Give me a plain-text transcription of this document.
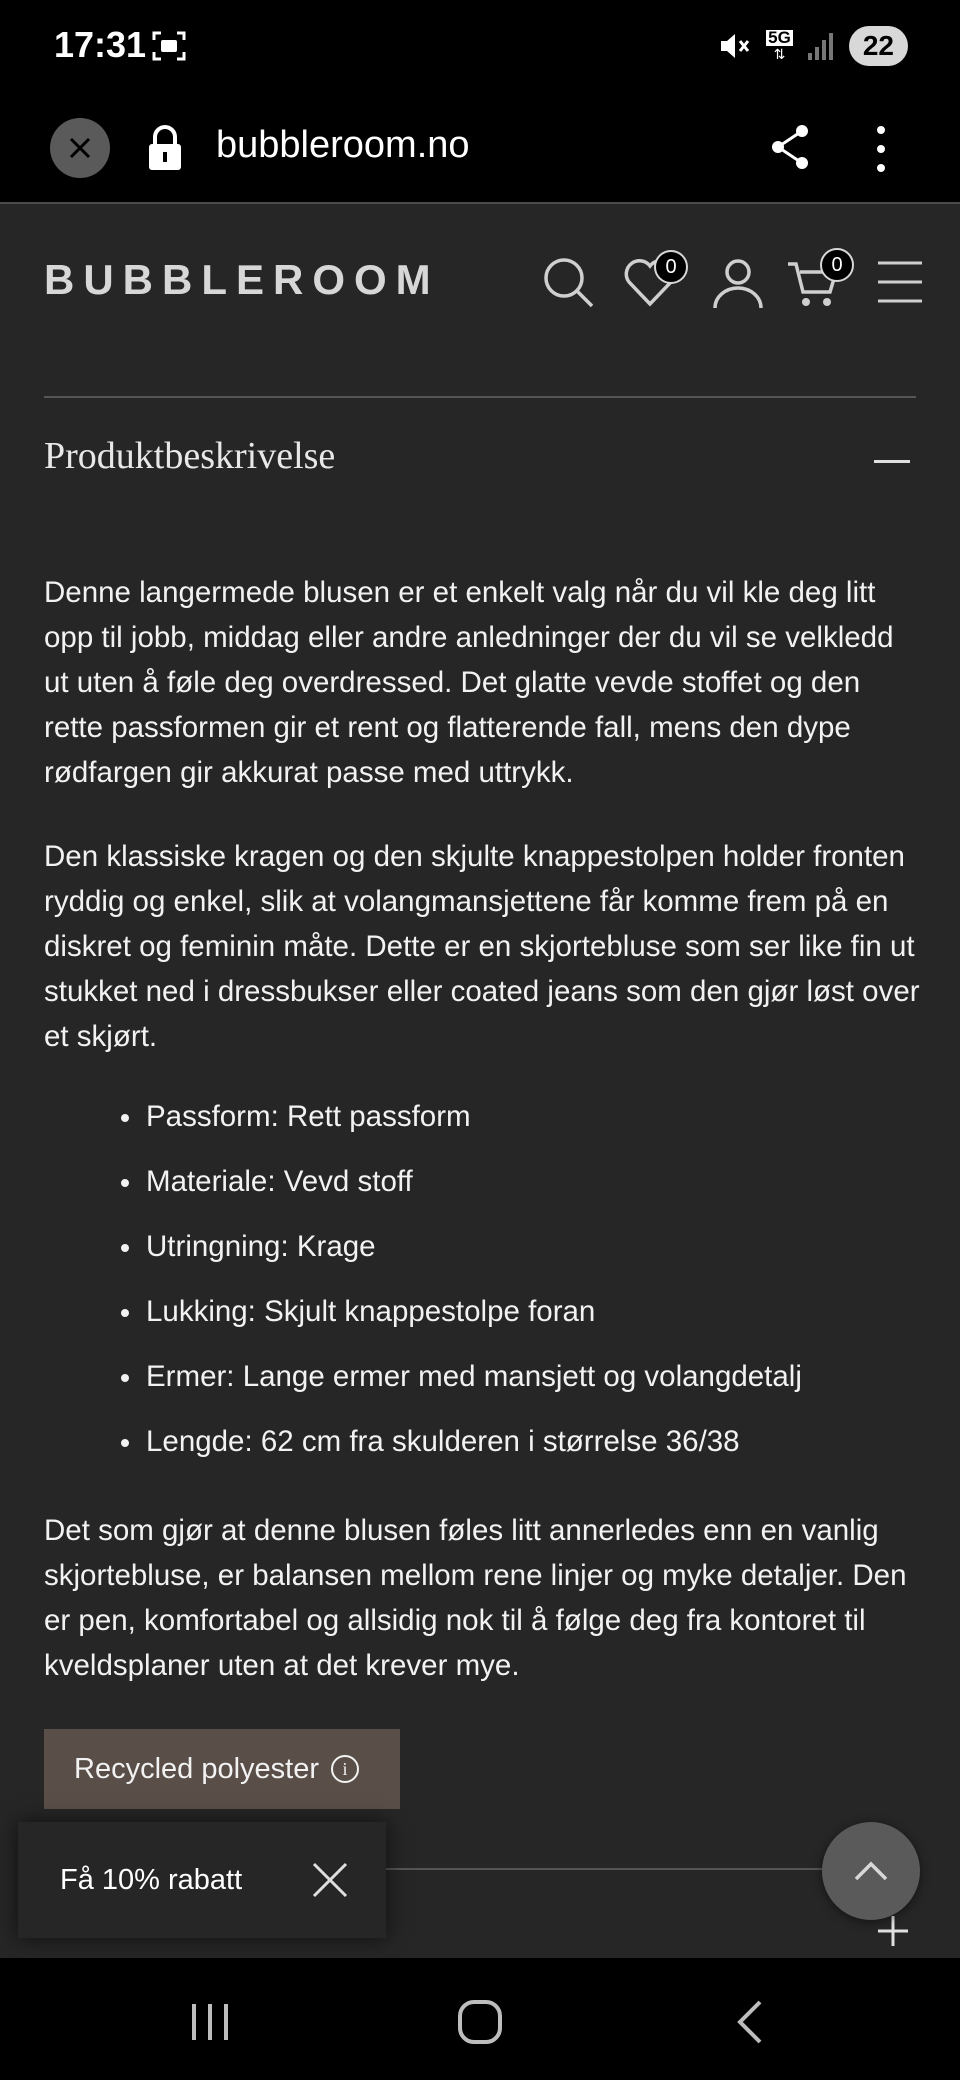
17:31	5G
⇅	22
bubbleroom.no
BUBBLEROOM	0	0
Produktbeskrivelse

Denne langermede blusen er et enkelt valg når du vil kle deg litt opp til jobb, middag eller andre anledninger der du vil se velkledd ut uten å føle deg overdressed. Det glatte vevde stoffet og den rette passformen gir et rent og flatterende fall, mens den dype rødfargen gir akkurat passe med uttrykk.

Den klassiske kragen og den skjulte knappestolpen holder fronten ryddig og enkel, slik at volangmansjettene får komme frem på en diskret og feminin måte. Dette er en skjortebluse som ser like fin ut stukket ned i dressbukser eller coated jeans som den gjør løst over et skjørt.

Passform: Rett passform
Materiale: Vevd stoff
Utringning: Krage
Lukking: Skjult knappestolpe foran
Ermer: Lange ermer med mansjett og volangdetalj
Lengde: 62 cm fra skulderen i størrelse 36/38

Det som gjør at denne blusen føles litt annerledes enn en vanlig skjortebluse, er balansen mellom rene linjer og myke detaljer. Den er pen, komfortabel og allsidig nok til å følge deg fra kontoret til kveldsplaner uten at det krever mye.

Recycled polyester	i
Få 10% rabatt
